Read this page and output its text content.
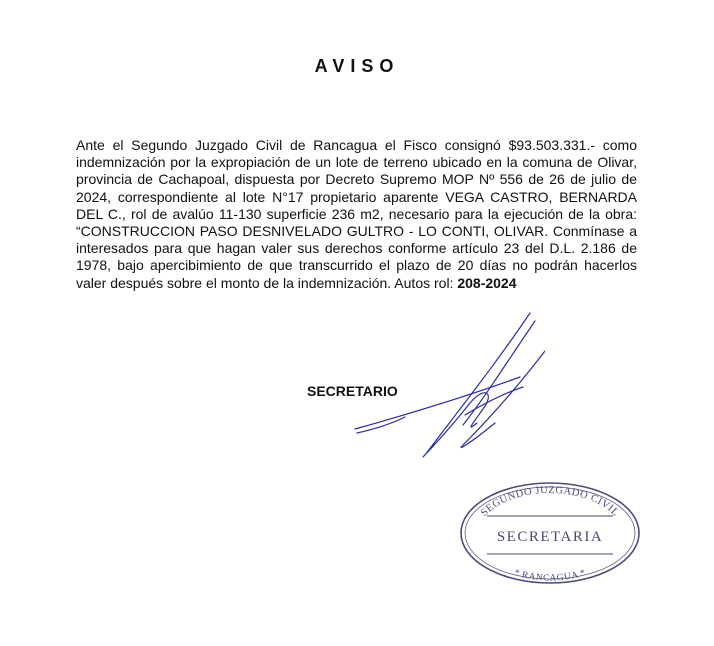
AVISO
Ante el Segundo Juzgado Civil de Rancagua el Fisco consignó $93.503.331.- como indemnización por la expropiación de un lote de terreno ubicado en la comuna de Olivar, provincia de Cachapoal, dispuesta por Decreto Supremo MOP Nº 556 de 26 de julio de 2024, correspondiente al lote N°17 propietario aparente VEGA CASTRO, BERNARDA DEL C., rol de avalúo 11-130 superficie 236 m2, necesario para la ejecución de la obra: “CONSTRUCCION PASO DESNIVELADO GULTRO - LO CONTI, OLIVAR. Conmínase a interesados para que hagan valer sus derechos conforme artículo 23 del D.L. 2.186 de 1978, bajo apercibimiento de que transcurrido el plazo de 20 días no podrán hacerlos valer después sobre el monto de la indemnización. Autos rol: 208-2024
SECRETARIO
SEGUNDO JUZGADO CIVIL
SECRETARIA
* RANCAGUA *
